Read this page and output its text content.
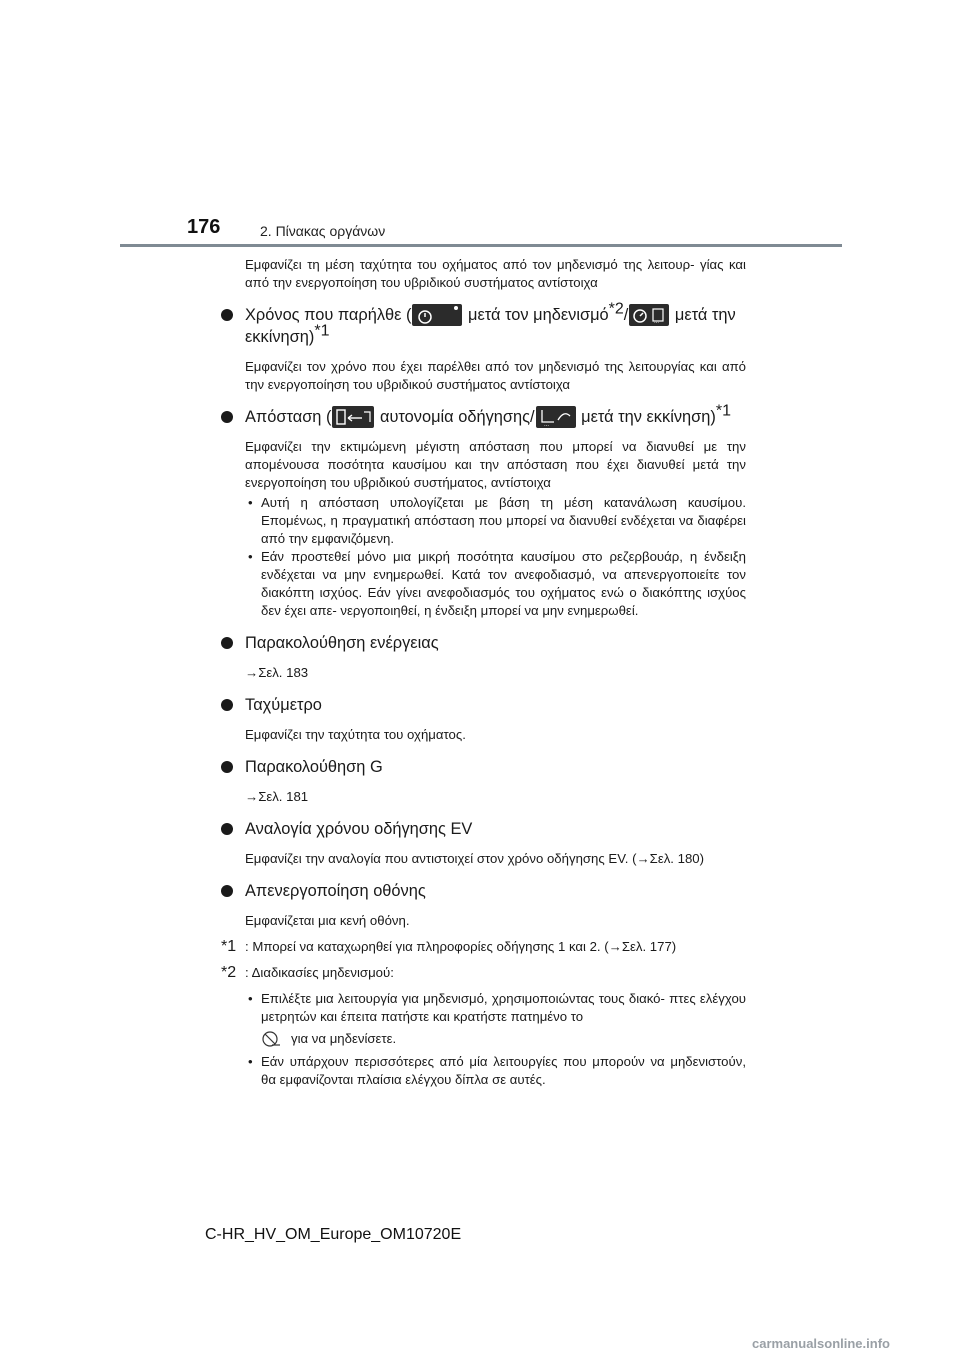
176	2. Πίνακας οργάνων

Εμφανίζει τη μέση ταχύτητα του οχήματος από τον μηδενισμό της λειτουρ- γίας και από την ενεργοποίηση του υβριδικού συστήματος αντίστοιχα

Χρόνος που παρήλθε (	μετά τον μηδενισμό*2/	... μετά την εκκίνηση)*1

Εμφανίζει τον χρόνο που έχει παρέλθει από τον μηδενισμό της λειτουργίας και από την ενεργοποίηση του υβριδικού συστήματος αντίστοιχα

Απόσταση (	αυτονομία οδήγησης/ ... μετά την εκκίνηση)*1

Εμφανίζει την εκτιμώμενη μέγιστη απόσταση που μπορεί να διανυθεί με την απομένουσα ποσότητα καυσίμου και την απόσταση που έχει διανυθεί μετά την ενεργοποίηση του υβριδικού συστήματος, αντίστοιχα

• Αυτή η απόσταση υπολογίζεται με βάση τη μέση κατανάλωση καυσίμου. Επομένως, η πραγματική απόσταση που μπορεί να διανυθεί ενδέχεται να διαφέρει από την εμφανιζόμενη.
• Εάν προστεθεί μόνο μια μικρή ποσότητα καυσίμου στο ρεζερβουάρ, η ένδειξη ενδέχεται να μην ενημερωθεί. Κατά τον ανεφοδιασμό, να απενεργοποιείτε τον διακόπτη ισχύος. Εάν γίνει ανεφοδιασμός του οχήματος ενώ ο διακόπτης ισχύος δεν έχει απε- νεργοποιηθεί, η ένδειξη μπορεί να μην ενημερωθεί.
Παρακολούθηση ενέργειας

→Σελ. 183

Ταχύμετρο

Εμφανίζει την ταχύτητα του οχήματος.

Παρακολούθηση G

→Σελ. 181

Αναλογία χρόνου οδήγησης EV

Εμφανίζει την αναλογία που αντιστοιχεί στον χρόνο οδήγησης EV. (→Σελ. 180)

Απενεργοποίηση οθόνης

Εμφανίζεται μια κενή οθόνη.

*1 : Μπορεί να καταχωρηθεί για πληροφορίες οδήγησης 1 και 2. (→Σελ. 177)
*2 : Διαδικασίες μηδενισμού:
• Επιλέξτε μια λειτουργία για μηδενισμό, χρησιμοποιώντας τους διακό- πτες ελέγχου μετρητών και έπειτα πατήστε και κρατήστε πατημένο το
για να μηδενίσετε.
• Εάν υπάρχουν περισσότερες από μία λειτουργίες που μπορούν να μηδενιστούν, θα εμφανίζονται πλαίσια ελέγχου δίπλα σε αυτές.
C-HR_HV_OM_Europe_OM10720E
carmanualsonline.info
